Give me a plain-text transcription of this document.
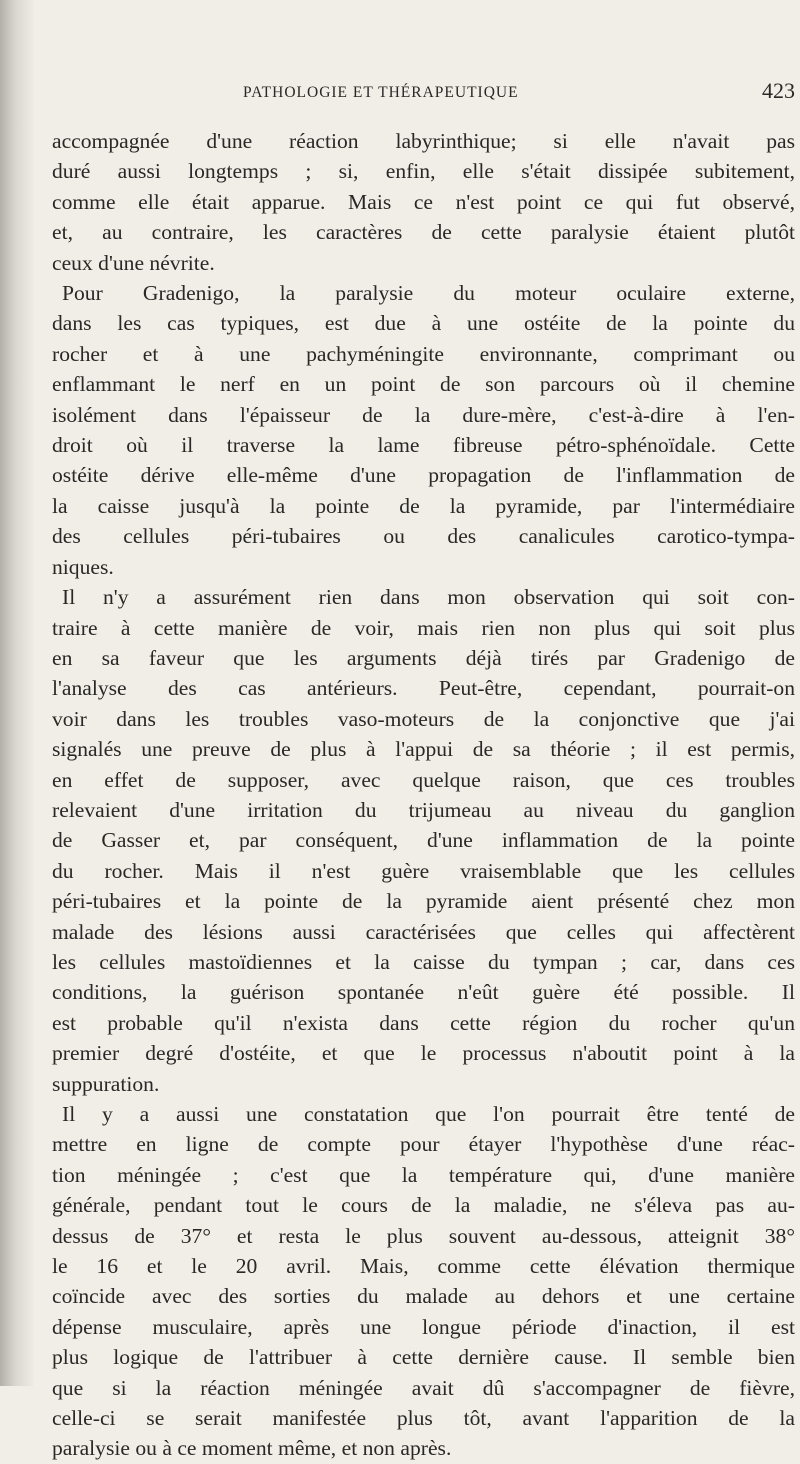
PATHOLOGIE ET THÉRAPEUTIQUE	423

accompagnée d'une réaction labyrinthique; si elle n'avait pas
duré aussi longtemps ; si, enfin, elle s'était dissipée subitement,
comme elle était apparue. Mais ce n'est point ce qui fut observé,
et, au contraire, les caractères de cette paralysie étaient plutôt
ceux d'une névrite.

Pour Gradenigo, la paralysie du moteur oculaire externe,
dans les cas typiques, est due à une ostéite de la pointe du
rocher et à une pachyméningite environnante, comprimant ou
enflammant le nerf en un point de son parcours où il chemine
isolément dans l'épaisseur de la dure-mère, c'est-à-dire à l'en-
droit où il traverse la lame fibreuse pétro-sphénoïdale. Cette
ostéite dérive elle-même d'une propagation de l'inflammation de
la caisse jusqu'à la pointe de la pyramide, par l'intermédiaire
des cellules péri-tubaires ou des canalicules carotico-tympa-
niques.

Il n'y a assurément rien dans mon observation qui soit con-
traire à cette manière de voir, mais rien non plus qui soit plus
en sa faveur que les arguments déjà tirés par Gradenigo de
l'analyse des cas antérieurs. Peut-être, cependant, pourrait-on
voir dans les troubles vaso-moteurs de la conjonctive que j'ai
signalés une preuve de plus à l'appui de sa théorie ; il est permis,
en effet de supposer, avec quelque raison, que ces troubles
relevaient d'une irritation du trijumeau au niveau du ganglion
de Gasser et, par conséquent, d'une inflammation de la pointe
du rocher. Mais il n'est guère vraisemblable que les cellules
péri-tubaires et la pointe de la pyramide aient présenté chez mon
malade des lésions aussi caractérisées que celles qui affectèrent
les cellules mastoïdiennes et la caisse du tympan ; car, dans ces
conditions, la guérison spontanée n'eût guère été possible. Il
est probable qu'il n'exista dans cette région du rocher qu'un
premier degré d'ostéite, et que le processus n'aboutit point à la
suppuration.

Il y a aussi une constatation que l'on pourrait être tenté de
mettre en ligne de compte pour étayer l'hypothèse d'une réac-
tion méningée ; c'est que la température qui, d'une manière
générale, pendant tout le cours de la maladie, ne s'éleva pas au-
dessus de 37° et resta le plus souvent au-dessous, atteignit 38°
le 16 et le 20 avril. Mais, comme cette élévation thermique
coïncide avec des sorties du malade au dehors et une certaine
dépense musculaire, après une longue période d'inaction, il est
plus logique de l'attribuer à cette dernière cause. Il semble bien
que si la réaction méningée avait dû s'accompagner de fièvre,
celle-ci se serait manifestée plus tôt, avant l'apparition de la
paralysie ou à ce moment même, et non après.
